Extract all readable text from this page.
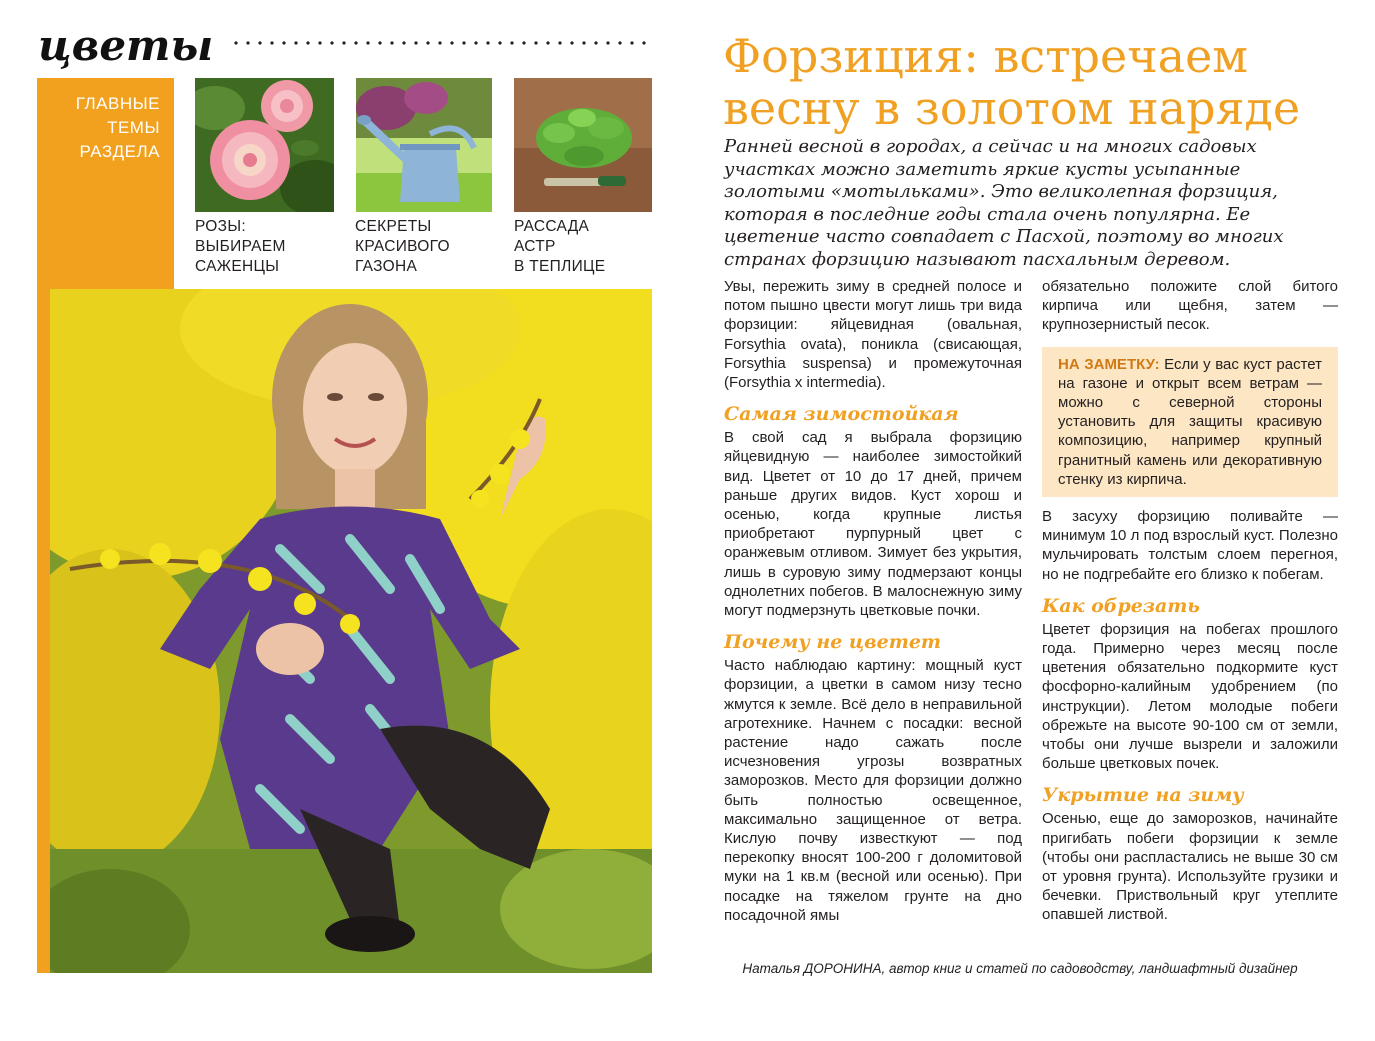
цветы
ГЛАВНЫЕ ТЕМЫ РАЗДЕЛА
РОЗЫ:
ВЫБИРАЕМ
САЖЕНЦЫ
СЕКРЕТЫ
КРАСИВОГО
ГАЗОНА
РАССАДА
АСТР
В ТЕПЛИЦЕ
Форзиция: встречаем
весну в золотом наряде
Ранней весной в городах, а сейчас и на многих садовых участках можно заметить яркие кусты усыпанные золотыми «мотыльками». Это великолепная форзиция, которая в последние годы стала очень популярна. Ее цветение часто совпадает с Пасхой, поэтому во многих странах форзицию называют пасхальным деревом.

Увы, пережить зиму в средней полосе и потом пышно цвести могут лишь три вида форзиции: яйцевидная (овальная, Forsythia ovata), поникла (свисающая, Forsythia suspensa) и промежуточная (Forsythia x intermedia).

Самая зимостойкая

В свой сад я выбрала форзицию яйцевидную — наиболее зимостойкий вид. Цветет от 10 до 17 дней, причем раньше других видов. Куст хорош и осенью, когда крупные листья приобретают пурпурный цвет с оранжевым отливом. Зимует без укрытия, лишь в суровую зиму подмерзают концы однолетних побегов. В малоснежную зиму могут подмерзнуть цветковые почки.

Почему не цветет

Часто наблюдаю картину: мощный куст форзиции, а цветки в самом низу тесно жмутся к земле. Всё дело в неправильной агротехнике. Начнем с посадки: весной растение надо сажать после исчезновения угрозы возвратных заморозков. Место для форзиции должно быть полностью освещенное, максимально защищенное от ветра. Кислую почву известкуют — под перекопку вносят 100-200 г доломитовой муки на 1 кв.м (весной или осенью). При посадке на тяжелом грунте на дно посадочной ямы

обязательно положите слой битого кирпича или щебня, затем — крупнозернистый песок.

НА ЗАМЕТКУ: Если у вас куст растет на газоне и открыт всем ветрам — можно с северной стороны установить для защиты красивую композицию, например крупный гранитный камень или декоративную стенку из кирпича.

В засуху форзицию поливайте — минимум 10 л под взрослый куст. Полезно мульчировать толстым слоем перегноя, но не подгребайте его близко к побегам.

Как обрезать

Цветет форзиция на побегах прошлого года. Примерно через месяц после цветения обязательно подкормите куст фосфорно-калийным удобрением (по инструкции). Летом молодые побеги обрежьте на высоте 90-100 см от земли, чтобы они лучше вызрели и заложили больше цветковых почек.

Укрытие на зиму

Осенью, еще до заморозков, начинайте пригибать побеги форзиции к земле (чтобы они распластались не выше 30 см от уровня грунта). Используйте грузики и бечевки. Приствольный круг утеплите опавшей листвой.

Наталья ДОРОНИНА, автор книг и статей по садоводству, ландшафтный дизайнер
